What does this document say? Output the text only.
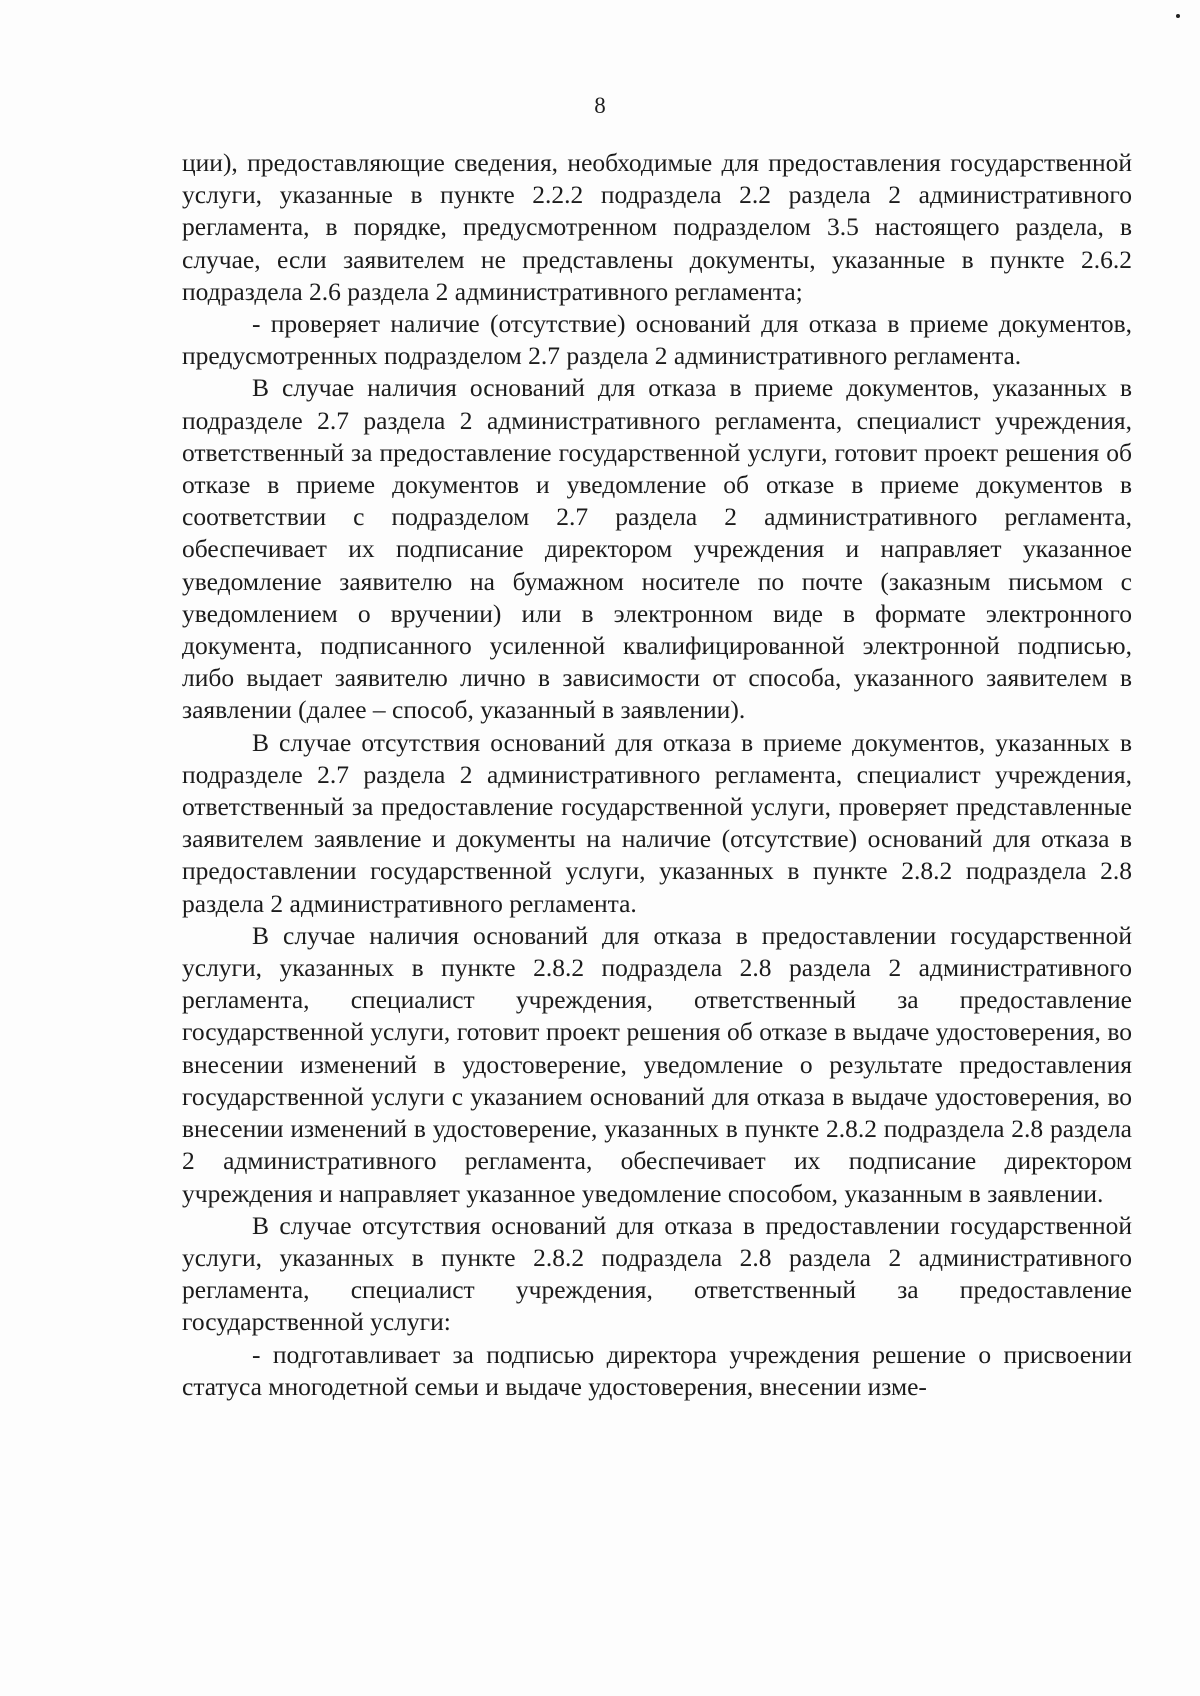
8

ции), предоставляющие сведения, необходимые для предоставления государственной услуги, указанные в пункте 2.2.2 подраздела 2.2 раздела 2 административного регламента, в порядке, предусмотренном подразделом 3.5 настоящего раздела, в случае, если заявителем не представлены документы, указанные в пункте 2.6.2 подраздела 2.6 раздела 2 административного регламента;

- проверяет наличие (отсутствие) оснований для отказа в приеме документов, предусмотренных подразделом 2.7 раздела 2 административного регламента.

В случае наличия оснований для отказа в приеме документов, указанных в подразделе 2.7 раздела 2 административного регламента, специалист учреждения, ответственный за предоставление государственной услуги, готовит проект решения об отказе в приеме документов и уведомление об отказе в приеме документов в соответствии с подразделом 2.7 раздела 2 административного регламента, обеспечивает их подписание директором учреждения и направляет указанное уведомление заявителю на бумажном носителе по почте (заказным письмом с уведомлением о вручении) или в электронном виде в формате электронного документа, подписанного усиленной квалифицированной электронной подписью, либо выдает заявителю лично в зависимости от способа, указанного заявителем в заявлении (далее – способ, указанный в заявлении).

В случае отсутствия оснований для отказа в приеме документов, указанных в подразделе 2.7 раздела 2 административного регламента, специалист учреждения, ответственный за предоставление государственной услуги, проверяет представленные заявителем заявление и документы на наличие (отсутствие) оснований для отказа в предоставлении государственной услуги, указанных в пункте 2.8.2 подраздела 2.8 раздела 2 административного регламента.

В случае наличия оснований для отказа в предоставлении государственной услуги, указанных в пункте 2.8.2 подраздела 2.8 раздела 2 административного регламента, специалист учреждения, ответственный за предоставление государственной услуги, готовит проект решения об отказе в выдаче удостоверения, во внесении изменений в удостоверение, уведомление о результате предоставления государственной услуги с указанием оснований для отказа в выдаче удостоверения, во внесении изменений в удостоверение, указанных в пункте 2.8.2 подраздела 2.8 раздела 2 административного регламента, обеспечивает их подписание директором учреждения и направляет указанное уведомление способом, указанным в заявлении.

В случае отсутствия оснований для отказа в предоставлении государственной услуги, указанных в пункте 2.8.2 подраздела 2.8 раздела 2 административного регламента, специалист учреждения, ответственный за предоставление государственной услуги:

- подготавливает за подписью директора учреждения решение о присвоении статуса многодетной семьи и выдаче удостоверения, внесении изме-
